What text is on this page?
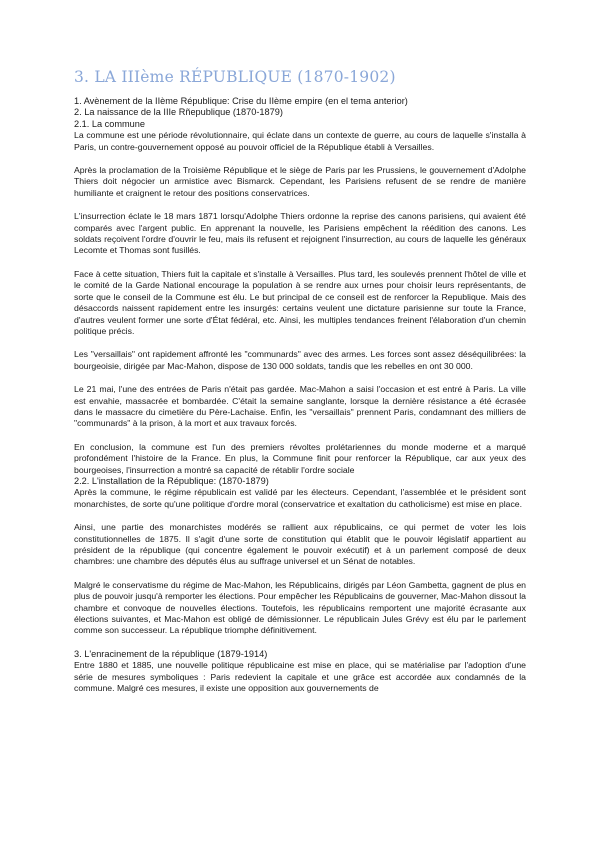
3. LA IIIème RÉPUBLIQUE (1870-1902)
1. Avènement de la IIème République: Crise du IIème empire (en el tema anterior)
2. La naissance de la IIIe Rñepublique (1870-1879)
2.1. La commune

La commune est une période révolutionnaire, qui éclate dans un contexte de guerre, au cours de laquelle s'installa à Paris, un contre-gouvernement opposé au pouvoir officiel de la République établi à Versailles.

Après la proclamation de la Troisième République et le siège de Paris par les Prussiens, le gouvernement d'Adolphe Thiers doit négocier un armistice avec Bismarck. Cependant, les Parisiens refusent de se rendre de manière humiliante et craignent le retour des positions conservatrices.

L'insurrection éclate le 18 mars 1871 lorsqu'Adolphe Thiers ordonne la reprise des canons parisiens, qui avaient été comparés avec l'argent public. En apprenant la nouvelle, les Parisiens empêchent la réédition des canons. Les soldats reçoivent l'ordre d'ouvrir le feu, mais ils refusent et rejoignent l'insurrection, au cours de laquelle les généraux Lecomte et Thomas sont fusillés.

Face à cette situation, Thiers fuit la capitale et s'installe à Versailles. Plus tard, les soulevés prennent l'hôtel de ville et le comité de la Garde National encourage la population à se rendre aux urnes pour choisir leurs représentants, de sorte que le conseil de la Commune est élu. Le but principal de ce conseil est de renforcer la Republique. Mais des désaccords naissent rapidement entre les insurgés: certains veulent une dictature parisienne sur toute la France, d'autres veulent former une sorte d'État fédéral, etc. Ainsi, les multiples tendances freinent l'élaboration d'un chemin politique précis.

Les "versaillais" ont rapidement affronté les "communards" avec des armes. Les forces sont assez déséquilibrées: la bourgeoisie, dirigée par Mac-Mahon, dispose de 130 000 soldats, tandis que les rebelles en ont 30 000.

Le 21 mai, l'une des entrées de Paris n'était pas gardée. Mac-Mahon a saisi l'occasion et est entré à Paris. La ville est envahie, massacrée et bombardée. C'était la semaine sanglante, lorsque la dernière résistance a été écrasée dans le massacre du cimetière du Père-Lachaise. Enfin, les "versaillais" prennent Paris, condamnant des milliers de "communards" à la prison, à la mort et aux travaux forcés.

En conclusion, la commune est l'un des premiers révoltes prolétariennes du monde moderne et a marqué profondément l'histoire de la France. En plus, la Commune finit pour renforcer la République, car aux yeux des bourgeoises, l'insurrection a montré sa capacité de rétablir l'ordre sociale

2.2. L'installation de la République: (1870-1879)

Après la commune, le régime républicain est validé par les électeurs. Cependant, l'assemblée et le président sont monarchistes, de sorte qu'une politique d'ordre moral (conservatrice et exaltation du catholicisme) est mise en place.

Ainsi, une partie des monarchistes modérés se rallient aux républicains, ce qui permet de voter les lois constitutionnelles de 1875. Il s'agit d'une sorte de constitution qui établit que le pouvoir législatif appartient au président de la république (qui concentre également le pouvoir exécutif) et à un parlement composé de deux chambres: une chambre des députés élus au suffrage universel et un Sénat de notables.

Malgré le conservatisme du régime de Mac-Mahon, les Républicains, dirigés par Léon Gambetta, gagnent de plus en plus de pouvoir jusqu'à remporter les élections. Pour empêcher les Républicains de gouverner, Mac-Mahon dissout la chambre et convoque de nouvelles élections. Toutefois, les républicains remportent une majorité écrasante aux élections suivantes, et Mac-Mahon est obligé de démissionner. Le républicain Jules Grévy est élu par le parlement comme son successeur. La république triomphe définitivement.

3. L'enracinement de la république (1879-1914)

Entre 1880 et 1885, une nouvelle politique républicaine est mise en place, qui se matérialise par l'adoption d'une série de mesures symboliques : Paris redevient la capitale et une grâce est accordée aux condamnés de la commune. Malgré ces mesures, il existe une opposition aux gouvernements de
